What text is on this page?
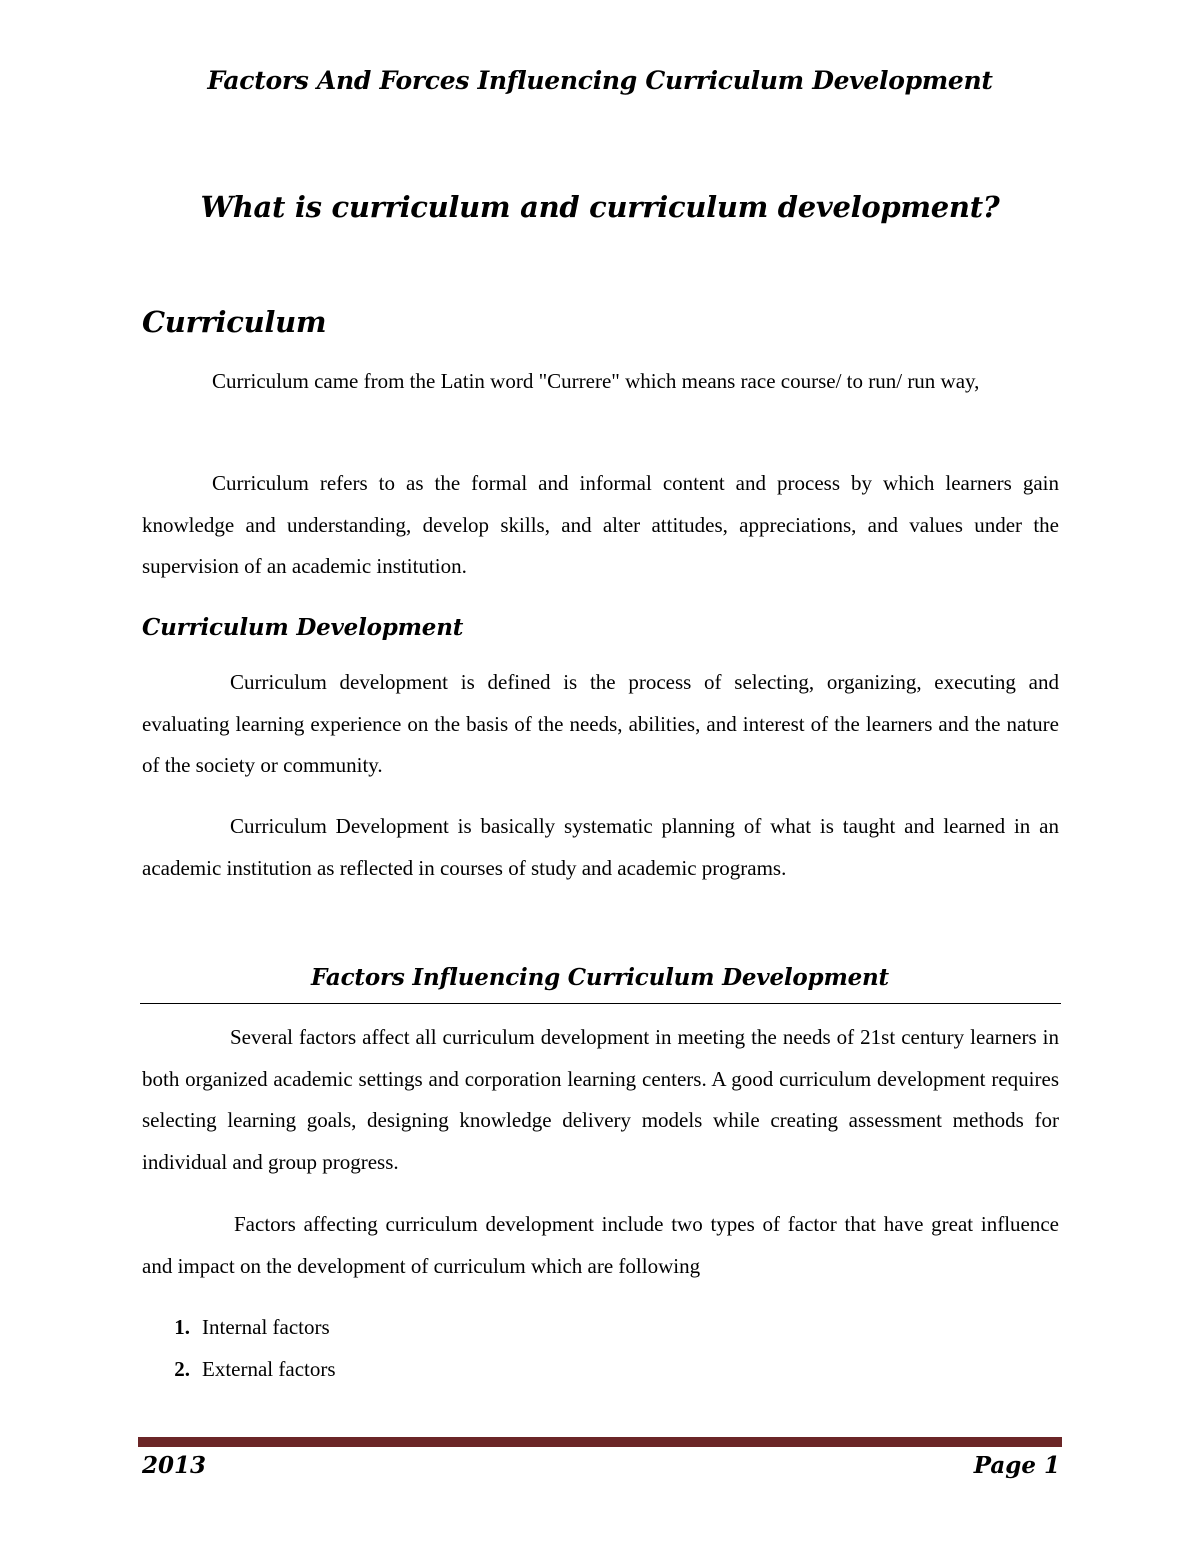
Factors And Forces Influencing Curriculum Development
What is curriculum and curriculum development?
Curriculum

Curriculum came from the Latin word "Currere" which means race course/ to run/ run way,

Curriculum refers to as the formal and informal content and process by which learners gain knowledge and understanding, develop skills, and alter attitudes, appreciations, and values under the supervision of an academic institution.

Curriculum Development

Curriculum development is defined is the process of selecting, organizing, executing and evaluating learning experience on the basis of the needs, abilities, and interest of the learners and the nature of the society or community.

Curriculum Development is basically systematic planning of what is taught and learned in an academic institution as reflected in courses of study and academic programs.

Factors Influencing Curriculum Development

Several factors affect all curriculum development in meeting the needs of 21st century learners in both organized academic settings and corporation learning centers. A good curriculum development requires selecting learning goals, designing knowledge delivery models while creating assessment methods for individual and group progress.

Factors affecting curriculum development include two types of factor that have great influence and impact on the development of curriculum which are following

1. Internal factors
2. External factors
2013	Page 1
